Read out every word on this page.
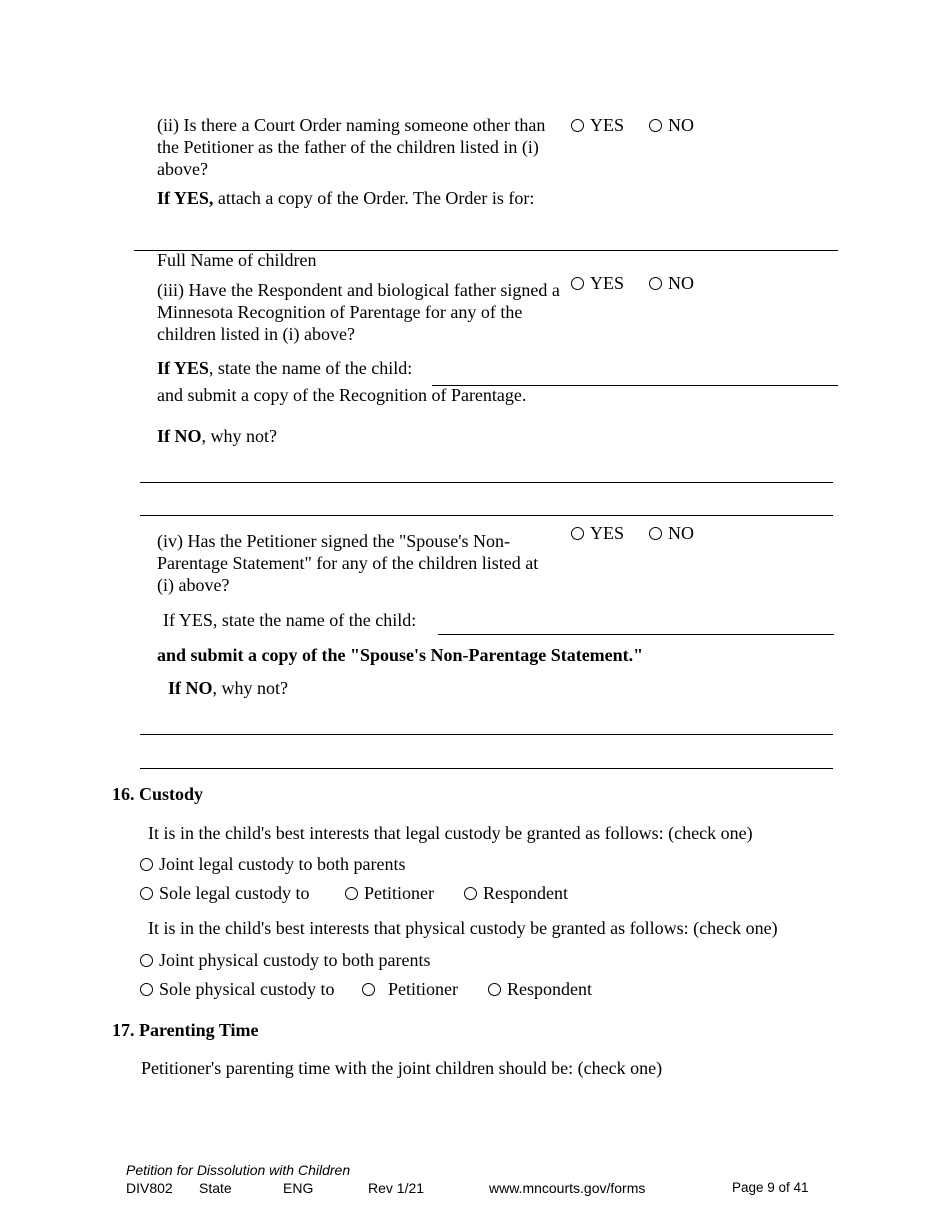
(ii) Is there a Court Order naming someone other than the Petitioner as the father of the children listed in (i) above?
YES	NO
If YES, attach a copy of the Order. The Order is for:
Full Name of children
(iii) Have the Respondent and biological father signed a Minnesota Recognition of Parentage for any of the children listed in (i) above?
YES	NO
If YES, state the name of the child:
and submit a copy of the Recognition of Parentage.
If NO, why not?
(iv) Has the Petitioner signed the "Spouse's Non-Parentage Statement" for any of the children listed at (i) above?
YES	NO
If YES, state the name of the child:
and submit a copy of the "Spouse's Non-Parentage Statement."
If NO, why not?
16. Custody
It is in the child's best interests that legal custody be granted as follows: (check one)
Joint legal custody to both parents
Sole legal custody to	Petitioner	Respondent
It is in the child's best interests that physical custody be granted as follows: (check one)
Joint physical custody to both parents
Sole physical custody to	Petitioner	Respondent
17. Parenting Time
Petitioner's parenting time with the joint children should be: (check one)
Petition for Dissolution with Children
DIV802 State	ENG	Rev 1/21	www.mncourts.gov/forms	Page 9 of 41
